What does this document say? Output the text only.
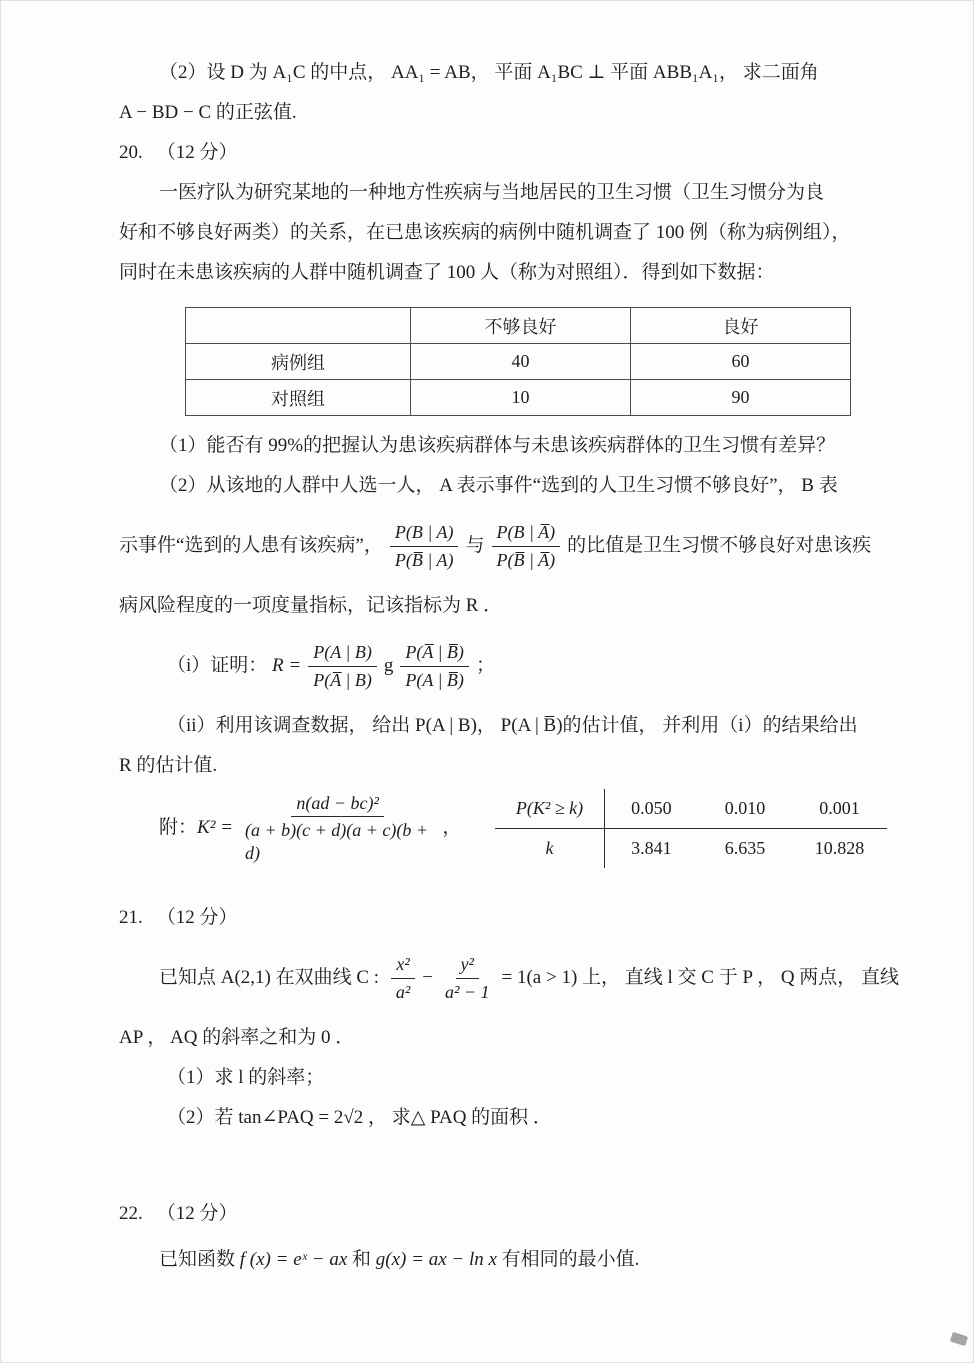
（2）设 D 为 A₁C 的中点， AA₁ = AB， 平面 A₁BC ⊥ 平面 ABB₁A₁， 求二面角

A − BD − C 的正弦值.

20. （12 分）

一医疗队为研究某地的一种地方性疾病与当地居民的卫生习惯（卫生习惯分为良

好和不够良好两类）的关系，在已患该疾病的病例中随机调查了 100 例（称为病例组），

同时在未患该疾病的人群中随机调查了 100 人（称为对照组）．得到如下数据：

	不够良好	良好
病例组	40	60
对照组	10	90

（1）能否有 99%的把握认为患该疾病群体与未患该疾病群体的卫生习惯有差异？

（2）从该地的人群中人选一人， A 表示事件“选到的人卫生习惯不够良好”， B 表

示事件“选到的人患有该疾病”， $\frac{P(B | A)}{P(B̅ | A)}$ 与 $\frac{P(B | A̅)}{P(B̅ | A̅)}$ 的比值是卫生习惯不够良好对患该疾

病风险程度的一项度量指标，记该指标为 R ．

（i）证明： $R = \frac{P(A | B)}{P(A̅ | B)}$ g $\frac{P(A̅ | B̅)}{P(A | B̅)}$ ；

（ii）利用该调查数据， 给出 P(A | B)， P(A | B̅)的估计值， 并利用（i）的结果给出

R 的估计值.

附： $K^2 = \frac{\text{n(ad − bc)²}}{(a + b)(c + d)(a + c)(b + d)}$ ，
P(K² ≥ k)	0.050	0.010	0.001
k	3.841	6.635	10.828

21. （12 分）

已知点 A(2,1) 在双曲线 C : $\frac{\text{x²}}{\text{a²}} - \frac{\text{y²}}{\text{a² − 1}} = 1(a > 1)$ 上， 直线 l 交 C 于 P ， Q 两点， 直线

AP ， AQ 的斜率之和为 0 ．

（1）求 l 的斜率；

（2）若 tan∠PAQ = 2√2 ， 求△ PAQ 的面积 ．

22. （12 分）

已知函数 f (x) = eˣ − ax 和 g(x) = ax − ln x 有相同的最小值.
